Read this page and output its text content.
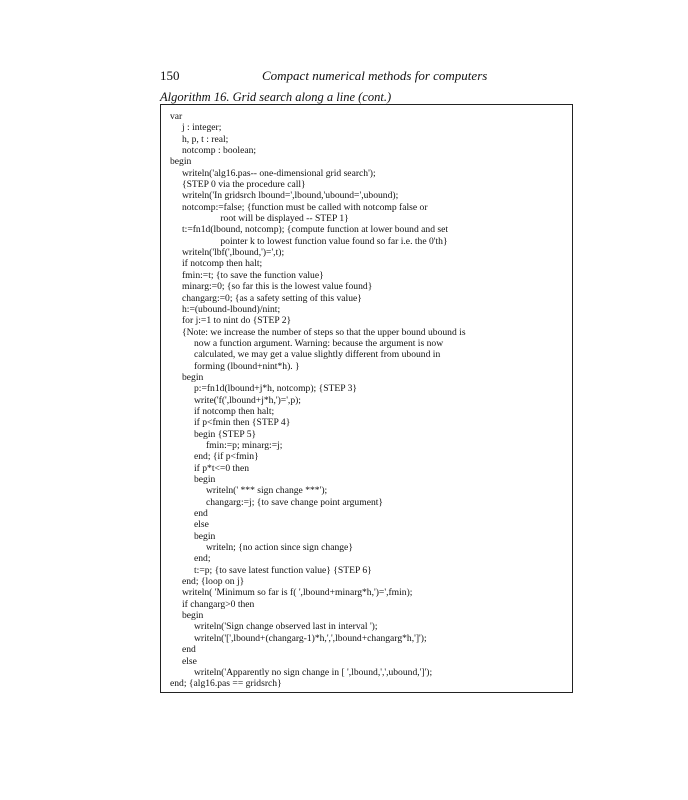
150	Compact numerical methods for computers
Algorithm 16. Grid search along a line (cont.)
var
j : integer;
h, p, t : real;
notcomp : boolean;
begin
writeln('alg16.pas-- one-dimensional grid search');
{STEP 0 via the procedure call}
writeln('In gridsrch lbound=',lbound,'ubound=',ubound);
notcomp:=false; {function must be called with notcomp false or
root will be displayed -- STEP 1}
t:=fn1d(lbound, notcomp); {compute function at lower bound and set
pointer k to lowest function value found so far i.e. the 0'th}
writeln('lbf(',lbound,')=',t);
if notcomp then halt;
fmin:=t; {to save the function value}
minarg:=0; {so far this is the lowest value found}
changarg:=0; {as a safety setting of this value}
h:=(ubound-lbound)/nint;
for j:=1 to nint do {STEP 2}
{Note: we increase the number of steps so that the upper bound ubound is
now a function argument. Warning: because the argument is now
calculated, we may get a value slightly different from ubound in
forming (lbound+nint*h). }
begin
p:=fn1d(lbound+j*h, notcomp); {STEP 3}
write('f(',lbound+j*h,')=',p);
if notcomp then halt;
if p<fmin then {STEP 4}
begin {STEP 5}
fmin:=p; minarg:=j;
end; {if p<fmin}
if p*t<=0 then
begin
writeln(' *** sign change ***');
changarg:=j; {to save change point argument}
end
else
begin
writeln; {no action since sign change}
end;
t:=p; {to save latest function value} {STEP 6}
end; {loop on j}
writeln( 'Minimum so far is f( ',lbound+minarg*h,')=',fmin);
if changarg>0 then
begin
writeln('Sign change observed last in interval ');
writeln('[',lbound+(changarg-1)*h,',',lbound+changarg*h,']');
end
else
writeln('Apparently no sign change in [ ',lbound,',',ubound,']');
end; {alg16.pas == gridsrch}
